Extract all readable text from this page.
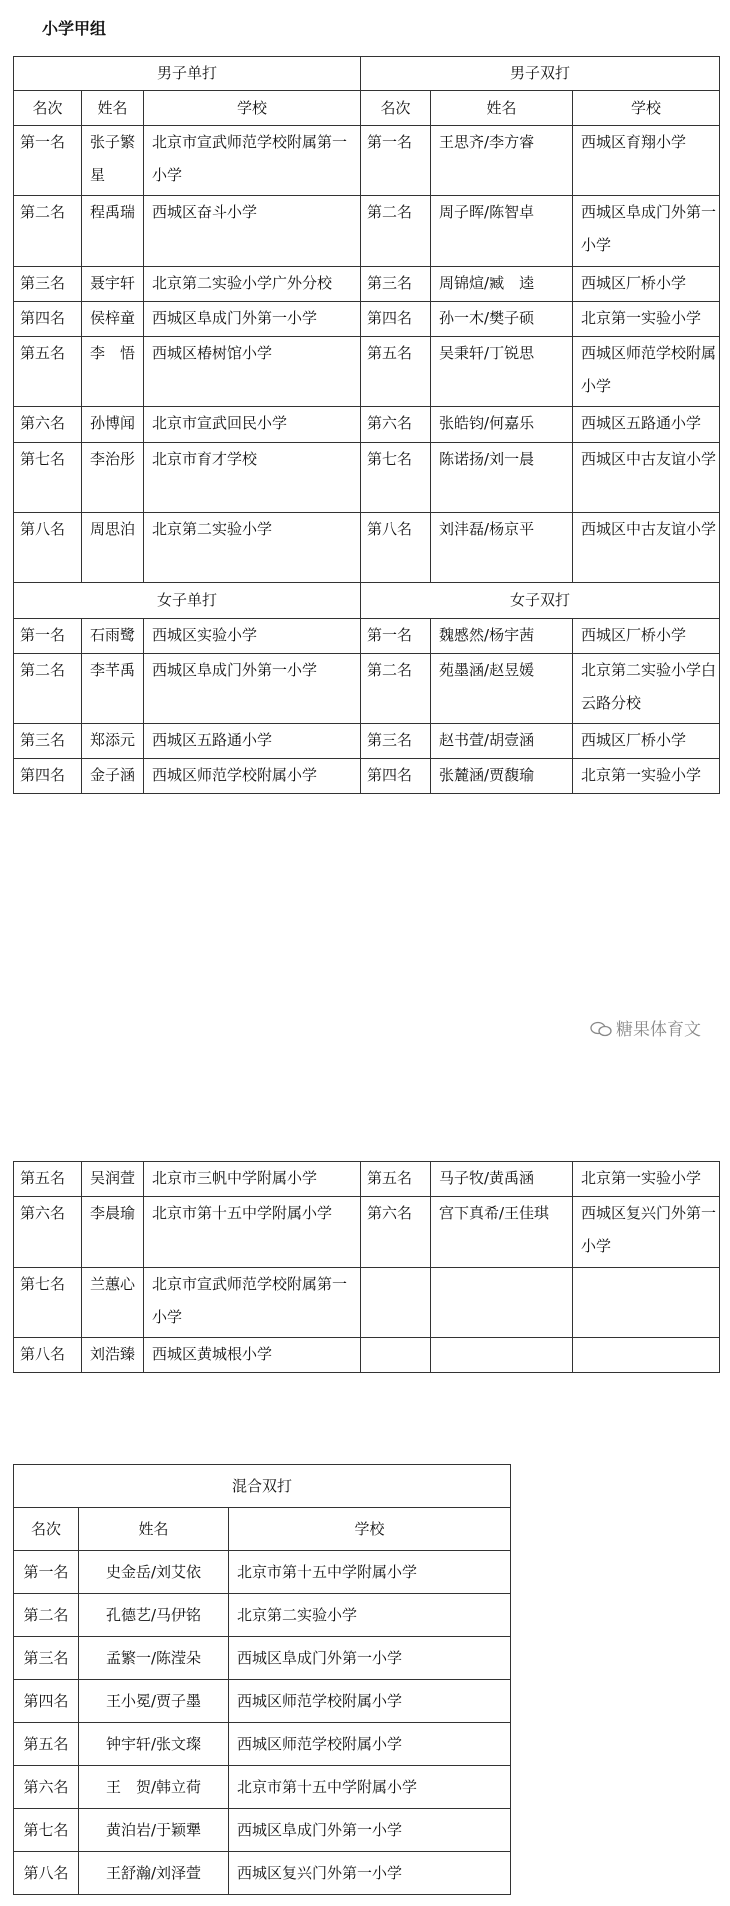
小学甲组
男子单打			男子双打		
名次	姓名	学校	名次	姓名	学校
第一名	张子繁星	北京市宣武师范学校附属第一小学	第一名	王思齐/李方睿	西城区育翔小学
第二名	程禹瑞	西城区奋斗小学	第二名	周子晖/陈智卓	西城区阜成门外第一小学
第三名	聂宇轩	北京第二实验小学广外分校	第三名	周锦煊/臧　逵	西城区厂桥小学
第四名	侯梓童	西城区阜成门外第一小学	第四名	孙一木/樊子硕	北京第一实验小学
第五名	李　悟	西城区椿树馆小学	第五名	吴秉轩/丁锐思	西城区师范学校附属小学
第六名	孙博闻	北京市宣武回民小学	第六名	张皓钧/何嘉乐	西城区五路通小学
第七名	李治彤	北京市育才学校	第七名	陈诺扬/刘一晨	西城区中古友谊小学
第八名	周思泊	北京第二实验小学	第八名	刘沣磊/杨京平	西城区中古友谊小学
女子单打			女子双打		
第一名	石雨鹭	西城区实验小学	第一名	魏慼然/杨宇茜	西城区厂桥小学
第二名	李芊禹	西城区阜成门外第一小学	第二名	苑墨涵/赵昱媛	北京第二实验小学白云路分校
第三名	郑添元	西城区五路通小学	第三名	赵书萱/胡壹涵	西城区厂桥小学
第四名	金子涵	西城区师范学校附属小学	第四名	张麓涵/贾馥瑜	北京第一实验小学
糖果体育文
第五名	吴润萱	北京市三帆中学附属小学	第五名	马子牧/黄禹涵	北京第一实验小学
第六名	李晨瑜	北京市第十五中学附属小学	第六名	宫下真希/王佳琪	西城区复兴门外第一小学
第七名	兰蕙心	北京市宣武师范学校附属第一小学			
第八名	刘浩臻	西城区黄城根小学			
混合双打		
名次	姓名	学校
第一名	史金岳/刘艾依	北京市第十五中学附属小学
第二名	孔德艺/马伊铭	北京第二实验小学
第三名	孟繁一/陈滢朵	西城区阜成门外第一小学
第四名	王小冕/贾子墨	西城区师范学校附属小学
第五名	钟宇轩/张文璨	西城区师范学校附属小学
第六名	王　贺/韩立荷	北京市第十五中学附属小学
第七名	黄泊岩/于颖犟	西城区阜成门外第一小学
第八名	王舒瀚/刘泽萱	西城区复兴门外第一小学
